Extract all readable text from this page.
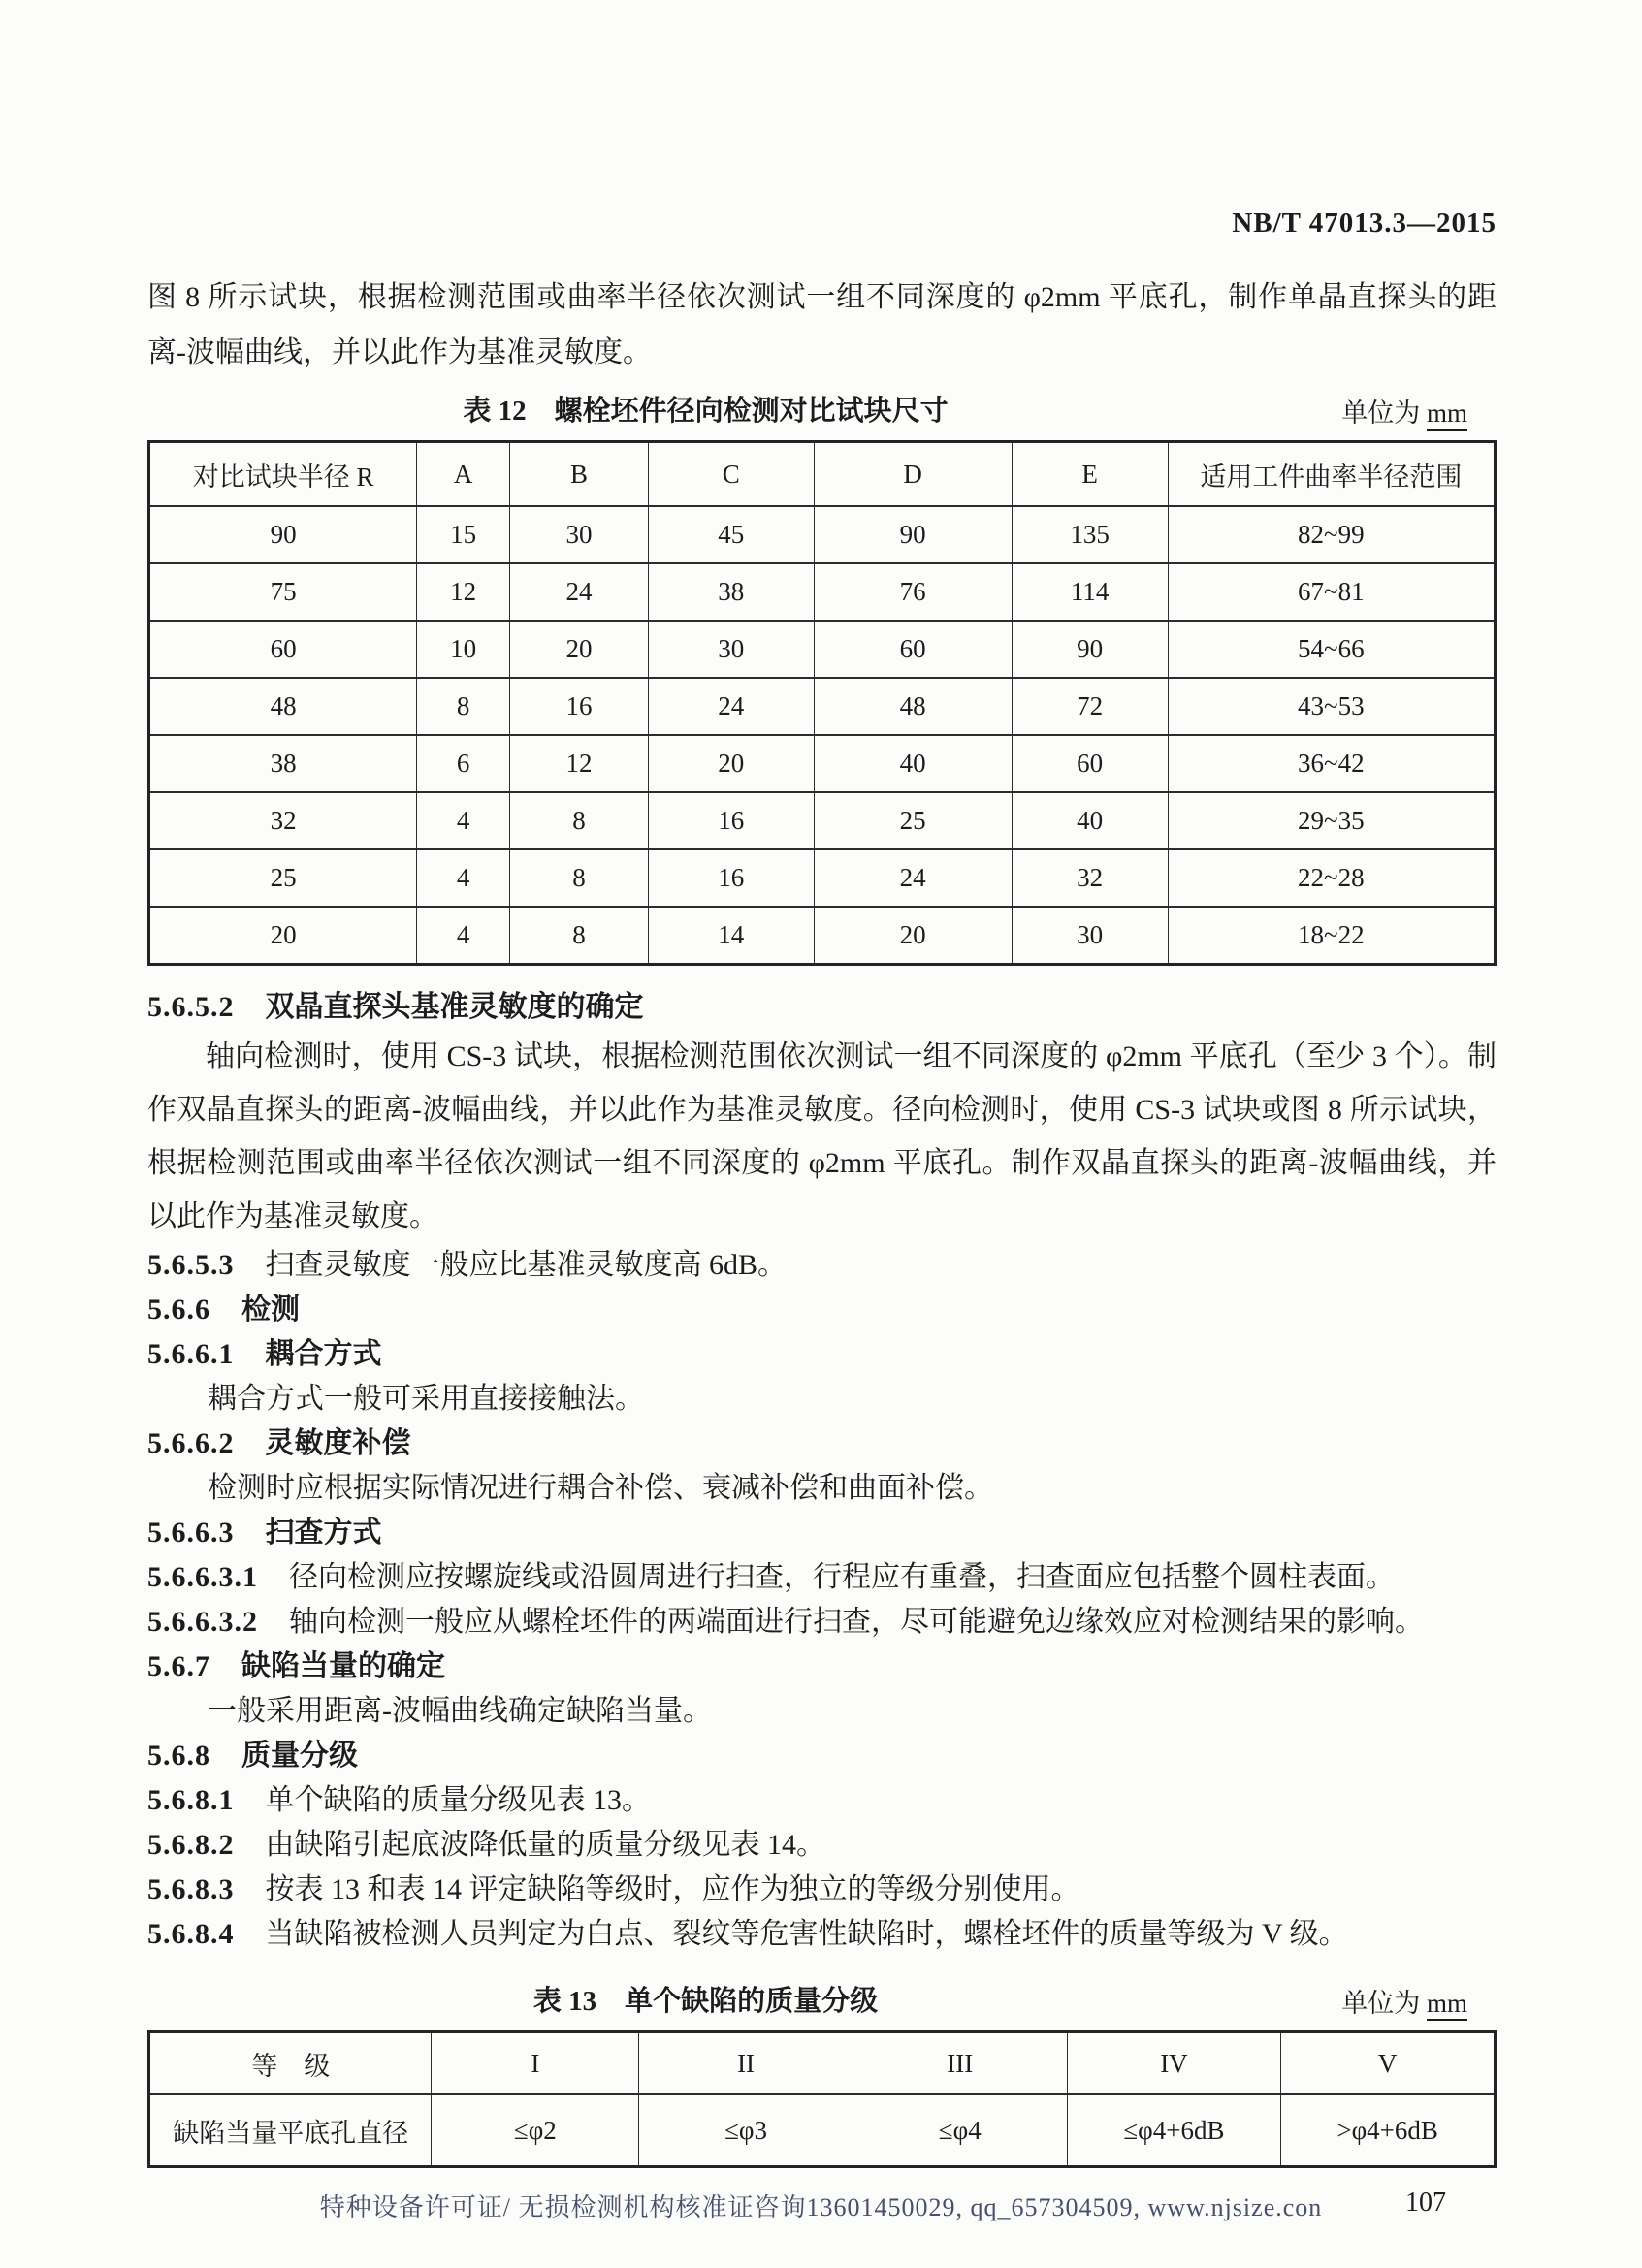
NB/T 47013.3—2015
图 8 所示试块，根据检测范围或曲率半径依次测试一组不同深度的 φ2mm 平底孔，制作单晶直探头的距离-波幅曲线，并以此作为基准灵敏度。
表 12　螺栓坯件径向检测对比试块尺寸	单位为 mm
对比试块半径 R	A	B	C	D	E	适用工件曲率半径范围
90	15	30	45	90	135	82~99
75	12	24	38	76	114	67~81
60	10	20	30	60	90	54~66
48	8	16	24	48	72	43~53
38	6	12	20	40	60	36~42
32	4	8	16	25	40	29~35
25	4	8	16	24	32	22~28
20	4	8	14	20	30	18~22
5.6.5.2 双晶直探头基准灵敏度的确定
轴向检测时，使用 CS-3 试块，根据检测范围依次测试一组不同深度的 φ2mm 平底孔（至少 3 个）。制作双晶直探头的距离-波幅曲线，并以此作为基准灵敏度。径向检测时，使用 CS-3 试块或图 8 所示试块，根据检测范围或曲率半径依次测试一组不同深度的 φ2mm 平底孔。制作双晶直探头的距离-波幅曲线，并以此作为基准灵敏度。
5.6.5.3 扫查灵敏度一般应比基准灵敏度高 6dB。
5.6.6 检测
5.6.6.1 耦合方式
耦合方式一般可采用直接接触法。
5.6.6.2 灵敏度补偿
检测时应根据实际情况进行耦合补偿、衰减补偿和曲面补偿。
5.6.6.3 扫查方式
5.6.6.3.1 径向检测应按螺旋线或沿圆周进行扫查，行程应有重叠，扫查面应包括整个圆柱表面。
5.6.6.3.2 轴向检测一般应从螺栓坯件的两端面进行扫查，尽可能避免边缘效应对检测结果的影响。
5.6.7 缺陷当量的确定
一般采用距离-波幅曲线确定缺陷当量。
5.6.8 质量分级
5.6.8.1 单个缺陷的质量分级见表 13。
5.6.8.2 由缺陷引起底波降低量的质量分级见表 14。
5.6.8.3 按表 13 和表 14 评定缺陷等级时，应作为独立的等级分别使用。
5.6.8.4 当缺陷被检测人员判定为白点、裂纹等危害性缺陷时，螺栓坯件的质量等级为 V 级。
表 13　单个缺陷的质量分级	单位为 mm
等　级	I	II	III	IV	V
缺陷当量平底孔直径	≤φ2	≤φ3	≤φ4	≤φ4+6dB	>φ4+6dB
107
特种设备许可证/ 无损检测机构核准证咨询13601450029, qq_657304509, www.njsize.con
